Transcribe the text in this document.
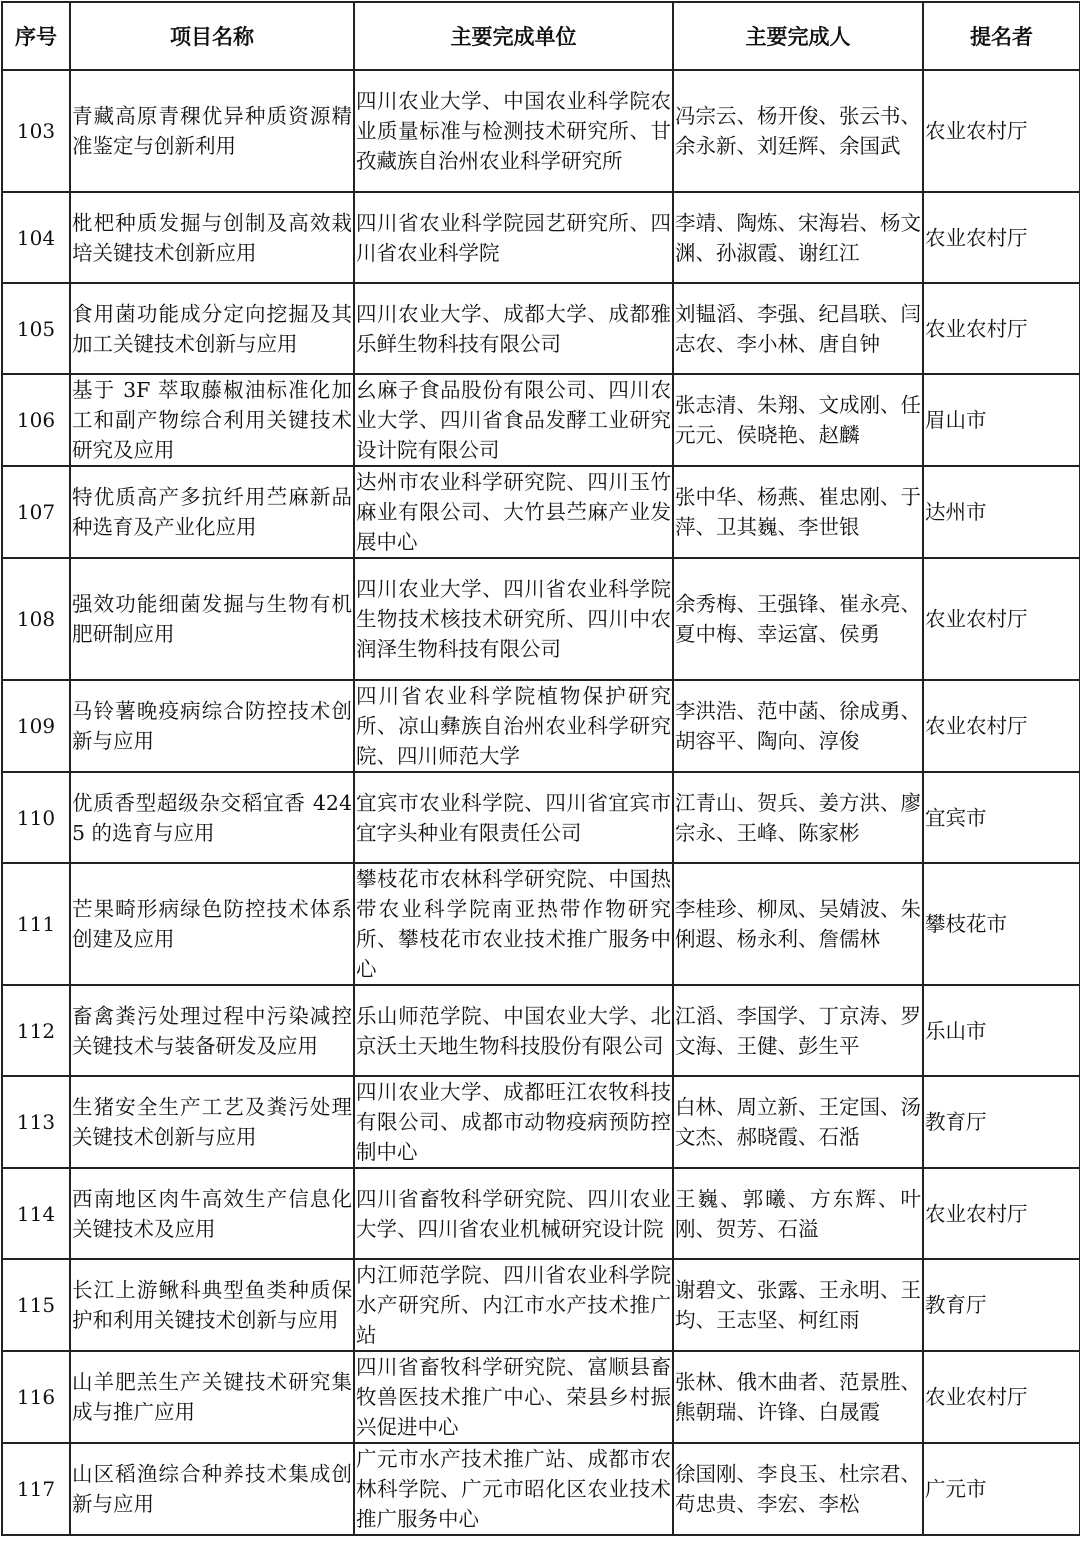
序号	项目名称	主要完成单位	主要完成人	提名者
103	青藏高原青稞优异种质资源精准鉴定与创新利用	四川农业大学、中国农业科学院农业质量标准与检测技术研究所、甘孜藏族自治州农业科学研究所	冯宗云、杨开俊、张云书、余永新、刘廷辉、余国武	农业农村厅
104	枇杷种质发掘与创制及高效栽培关键技术创新应用	四川省农业科学院园艺研究所、四川省农业科学院	李靖、陶炼、宋海岩、杨文渊、孙淑霞、谢红江	农业农村厅
105	食用菌功能成分定向挖掘及其加工关键技术创新与应用	四川农业大学、成都大学、成都雅乐鲜生物科技有限公司	刘韫滔、李强、纪昌联、闫志农、李小林、唐自钟	农业农村厅
106	基于 3F 萃取藤椒油标准化加工和副产物综合利用关键技术研究及应用	幺麻子食品股份有限公司、四川农业大学、四川省食品发酵工业研究设计院有限公司	张志清、朱翔、文成刚、任元元、侯晓艳、赵麟	眉山市
107	特优质高产多抗纤用苎麻新品种选育及产业化应用	达州市农业科学研究院、四川玉竹麻业有限公司、大竹县苎麻产业发展中心	张中华、杨燕、崔忠刚、于萍、卫其巍、李世银	达州市
108	强效功能细菌发掘与生物有机肥研制应用	四川农业大学、四川省农业科学院生物技术核技术研究所、四川中农润泽生物科技有限公司	余秀梅、王强锋、崔永亮、夏中梅、幸运富、侯勇	农业农村厅
109	马铃薯晚疫病综合防控技术创新与应用	四川省农业科学院植物保护研究所、凉山彝族自治州农业科学研究院、四川师范大学	李洪浩、范中菡、徐成勇、胡容平、陶向、淳俊	农业农村厅
110	优质香型超级杂交稻宜香 4245 的选育与应用	宜宾市农业科学院、四川省宜宾市宜字头种业有限责任公司	江青山、贺兵、姜方洪、廖宗永、王峰、陈家彬	宜宾市
111	芒果畸形病绿色防控技术体系创建及应用	攀枝花市农林科学研究院、中国热带农业科学院南亚热带作物研究所、攀枝花市农业技术推广服务中心	李桂珍、柳凤、吴婧波、朱俐遐、杨永利、詹儒林	攀枝花市
112	畜禽粪污处理过程中污染减控关键技术与装备研发及应用	乐山师范学院、中国农业大学、北京沃土天地生物科技股份有限公司	江滔、李国学、丁京涛、罗文海、王健、彭生平	乐山市
113	生猪安全生产工艺及粪污处理关键技术创新与应用	四川农业大学、成都旺江农牧科技有限公司、成都市动物疫病预防控制中心	白林、周立新、王定国、汤文杰、郝晓霞、石湉	教育厅
114	西南地区肉牛高效生产信息化关键技术及应用	四川省畜牧科学研究院、四川农业大学、四川省农业机械研究设计院	王巍、郭曦、方东辉、叶刚、贺芳、石溢	农业农村厅
115	长江上游鳅科典型鱼类种质保护和利用关键技术创新与应用	内江师范学院、四川省农业科学院水产研究所、内江市水产技术推广站	谢碧文、张露、王永明、王均、王志坚、柯红雨	教育厅
116	山羊肥羔生产关键技术研究集成与推广应用	四川省畜牧科学研究院、富顺县畜牧兽医技术推广中心、荣县乡村振兴促进中心	张林、俄木曲者、范景胜、熊朝瑞、许锋、白晟霞	农业农村厅
117	山区稻渔综合种养技术集成创新与应用	广元市水产技术推广站、成都市农林科学院、广元市昭化区农业技术推广服务中心	徐国刚、李良玉、杜宗君、苟忠贵、李宏、李松	广元市
